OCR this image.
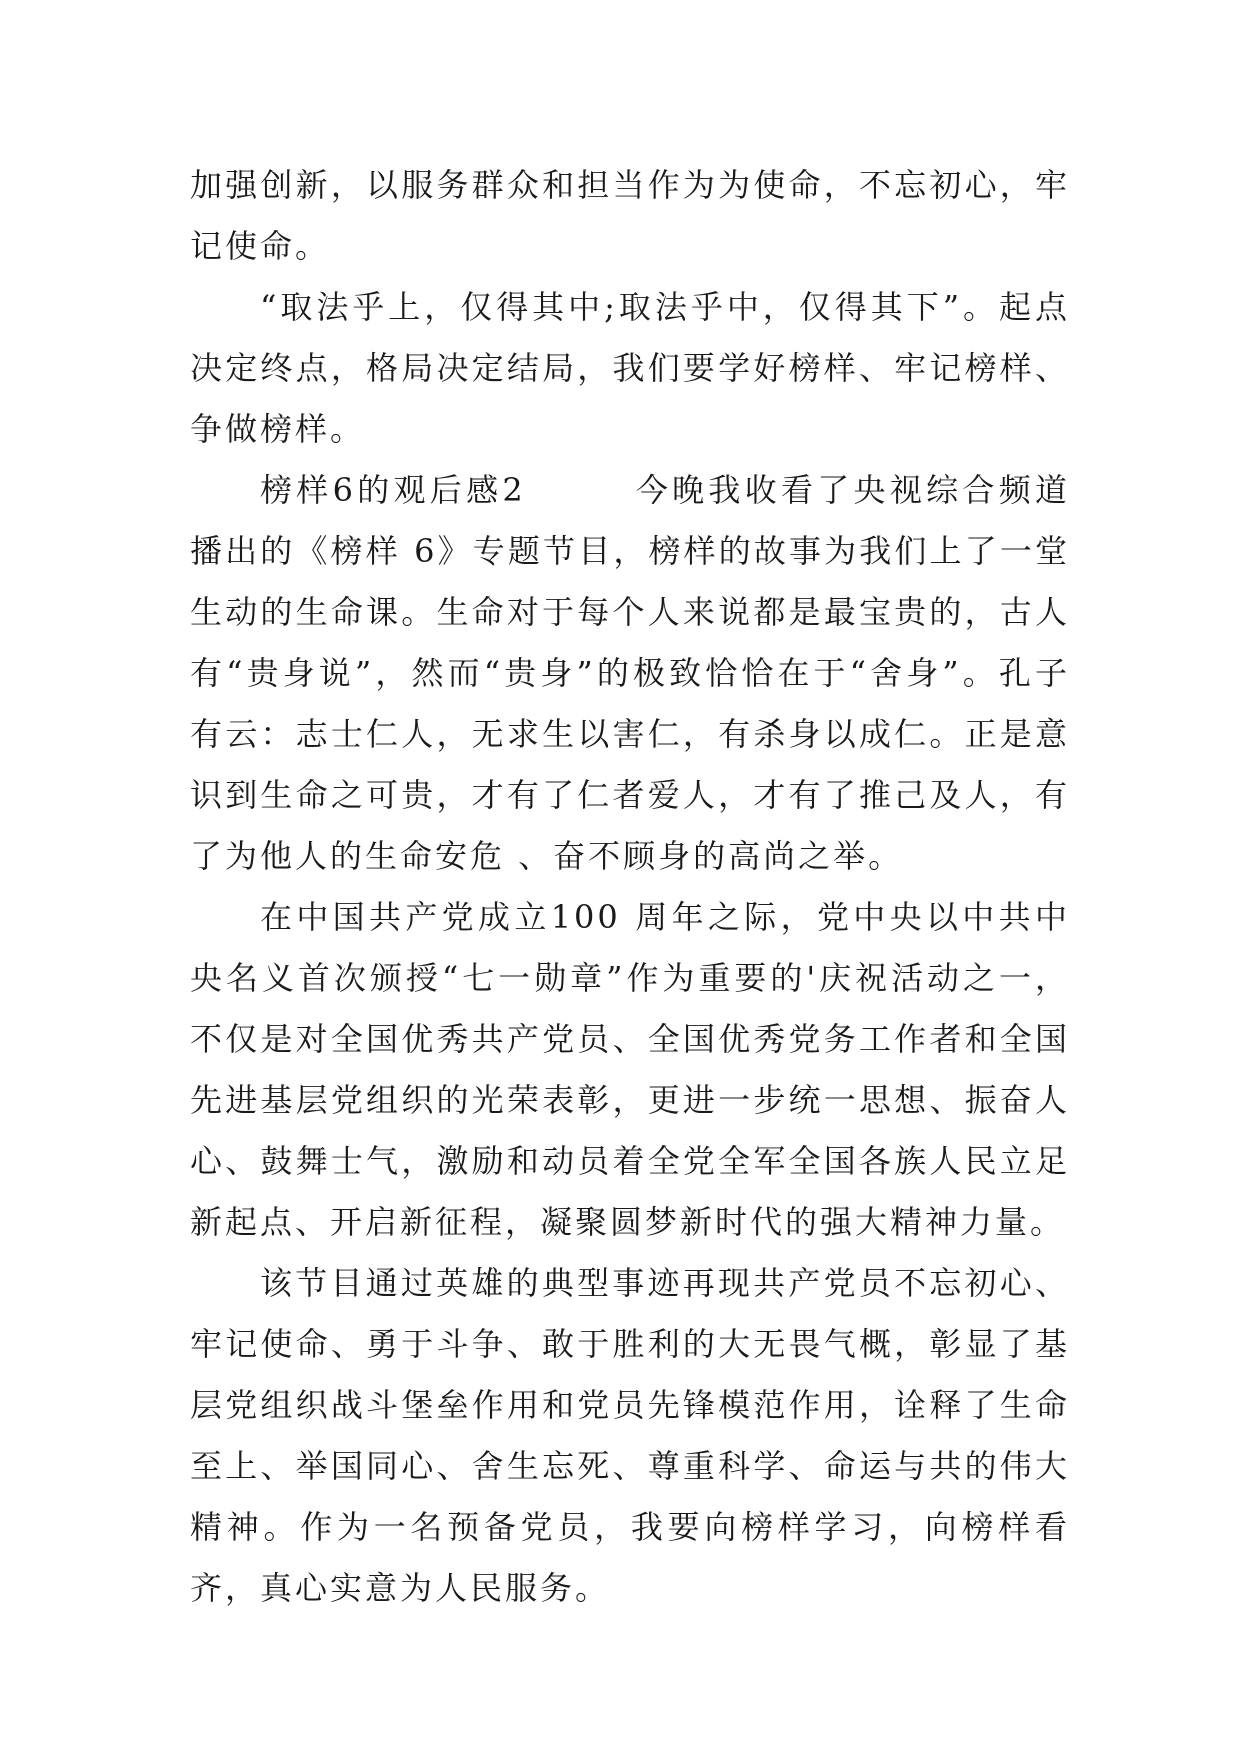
加强创新，以服务群众和担当作为为使命，不忘初心，牢记使命。

“取法乎上，仅得其中;取法乎中，仅得其下”。起点决定终点，格局决定结局，我们要学好榜样、牢记榜样、争做榜样。

榜样6的观后感2　　　今晚我收看了央视综合频道播出的《榜样 6》专题节目，榜样的故事为我们上了一堂生动的生命课。生命对于每个人来说都是最宝贵的，古人有“贵身说”，然而“贵身”的极致恰恰在于“舍身”。孔子有云：志士仁人，无求生以害仁，有杀身以成仁。正是意识到生命之可贵，才有了仁者爱人，才有了推己及人，有了为他人的生命安危 、奋不顾身的高尚之举。

在中国共产党成立100 周年之际，党中央以中共中央名义首次颁授“七一勋章”作为重要的'庆祝活动之一，不仅是对全国优秀共产党员、全国优秀党务工作者和全国先进基层党组织的光荣表彰，更进一步统一思想、振奋人心、鼓舞士气，激励和动员着全党全军全国各族人民立足新起点、开启新征程，凝聚圆梦新时代的强大精神力量。

该节目通过英雄的典型事迹再现共产党员不忘初心、牢记使命、勇于斗争、敢于胜利的大无畏气概，彰显了基层党组织战斗堡垒作用和党员先锋模范作用，诠释了生命至上、举国同心、舍生忘死、尊重科学、命运与共的伟大精神。作为一名预备党员，我要向榜样学习，向榜样看齐，真心实意为人民服务。
